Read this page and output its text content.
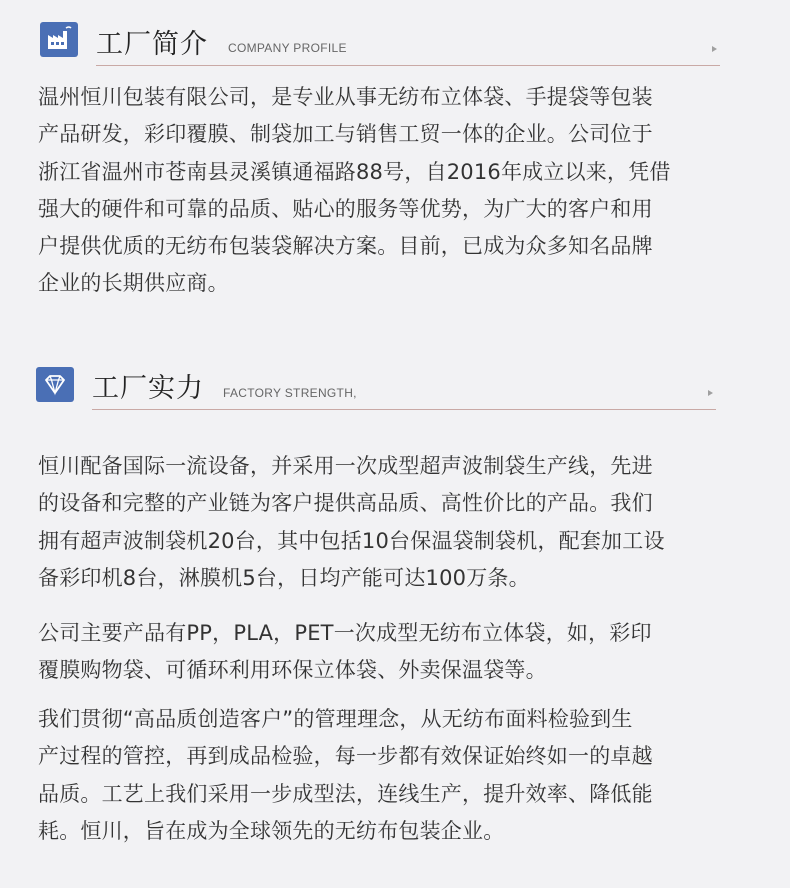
工厂简介 COMPANY PROFILE
温州恒川包装有限公司，是专业从事无纺布立体袋、手提袋等包装
产品研发，彩印覆膜、制袋加工与销售工贸一体的企业。公司位于
浙江省温州市苍南县灵溪镇通福路88号，自2016年成立以来，凭借
强大的硬件和可靠的品质、贴心的服务等优势，为广大的客户和用
户提供优质的无纺布包装袋解决方案。目前，已成为众多知名品牌
企业的长期供应商。
工厂实力 FACTORY STRENGTH,
恒川配备国际一流设备，并采用一次成型超声波制袋生产线，先进
的设备和完整的产业链为客户提供高品质、高性价比的产品。我们
拥有超声波制袋机20台，其中包括10台保温袋制袋机，配套加工设
备彩印机8台，淋膜机5台，日均产能可达100万条。
公司主要产品有PP，PLA，PET一次成型无纺布立体袋，如，彩印
覆膜购物袋、可循环利用环保立体袋、外卖保温袋等。
我们贯彻“高品质创造客户”的管理理念，从无纺布面料检验到生
产过程的管控，再到成品检验，每一步都有效保证始终如一的卓越
品质。工艺上我们采用一步成型法，连线生产，提升效率、降低能
耗。恒川，旨在成为全球领先的无纺布包装企业。
